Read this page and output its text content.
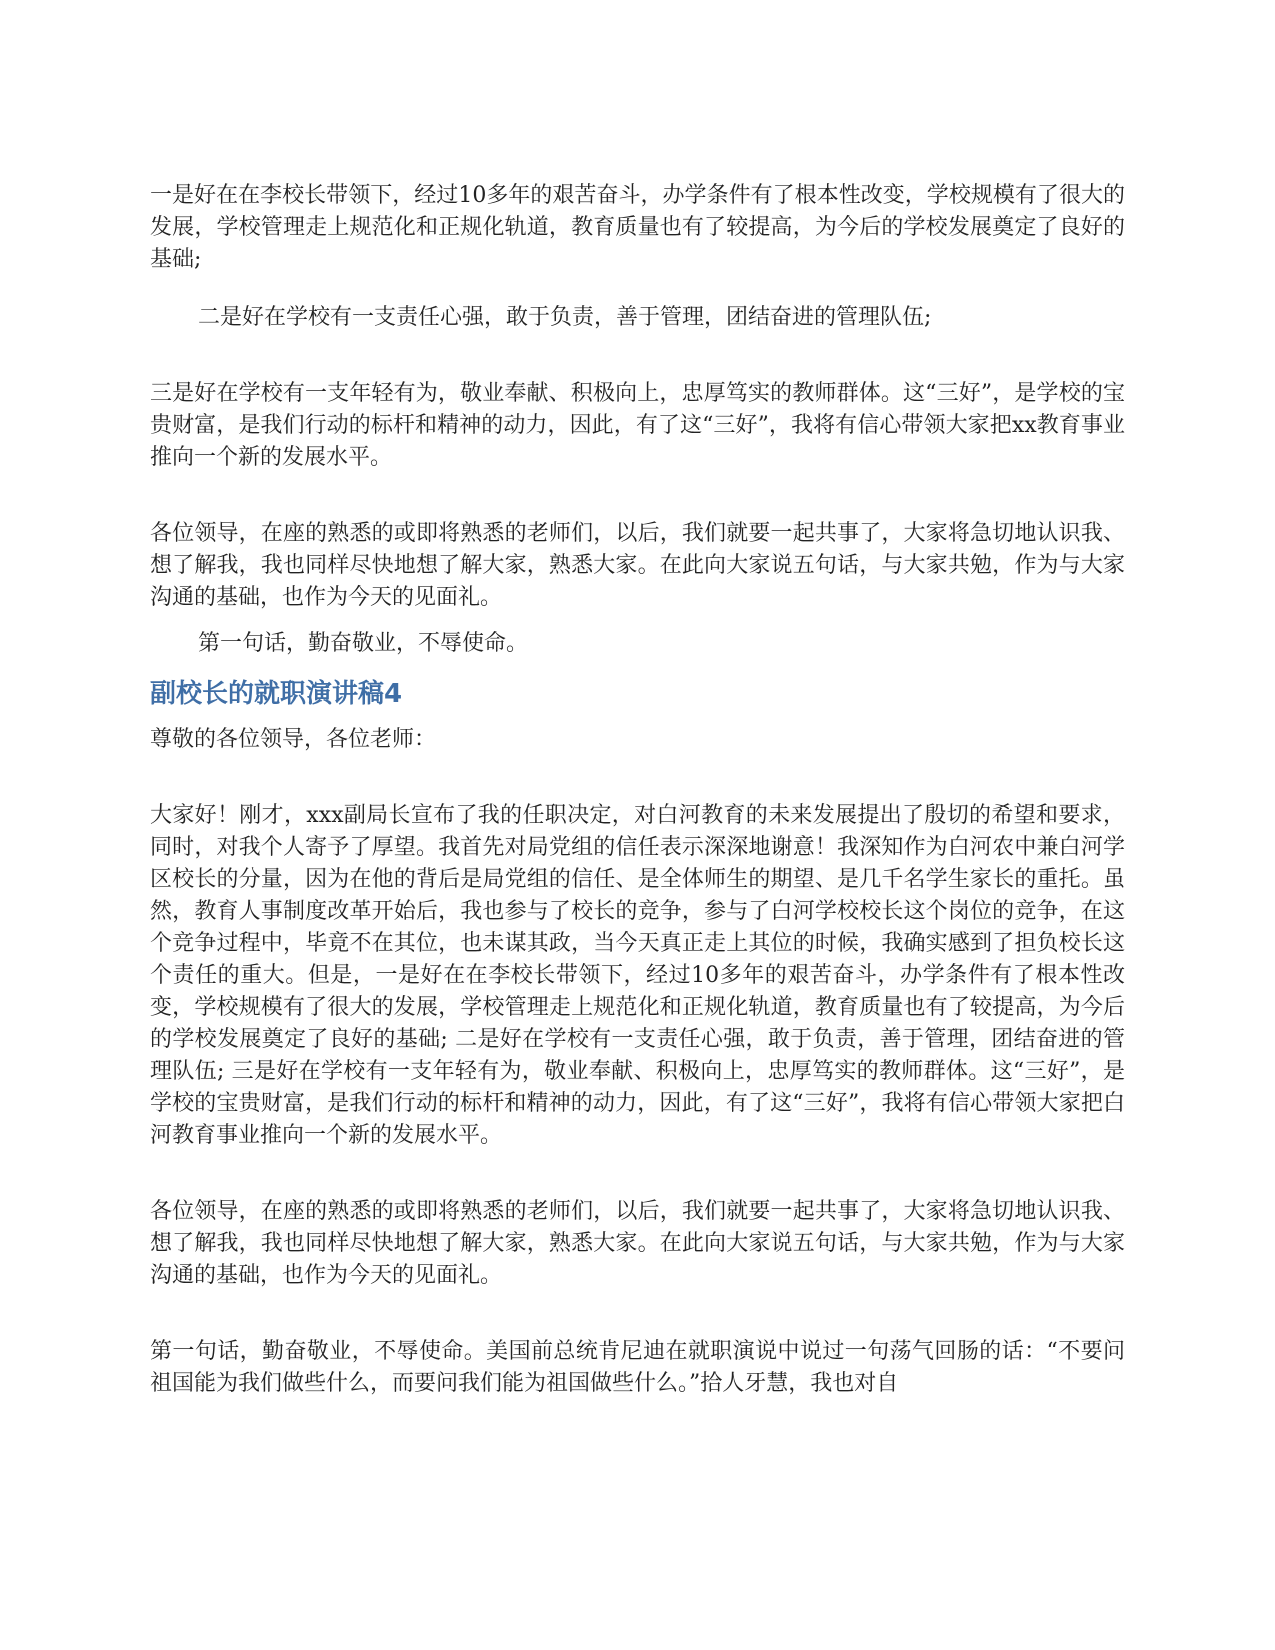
一是好在在李校长带领下，经过10多年的艰苦奋斗，办学条件有了根本性改变，学校规模有了很大的发展，学校管理走上规范化和正规化轨道，教育质量也有了较提高，为今后的学校发展奠定了良好的基础;

二是好在学校有一支责任心强，敢于负责，善于管理，团结奋进的管理队伍;

三是好在学校有一支年轻有为，敬业奉献、积极向上，忠厚笃实的教师群体。这“三好”，是学校的宝贵财富，是我们行动的标杆和精神的动力，因此，有了这“三好”，我将有信心带领大家把xx教育事业推向一个新的发展水平。

各位领导，在座的熟悉的或即将熟悉的老师们，以后，我们就要一起共事了，大家将急切地认识我、想了解我，我也同样尽快地想了解大家，熟悉大家。在此向大家说五句话，与大家共勉，作为与大家沟通的基础，也作为今天的见面礼。

第一句话，勤奋敬业，不辱使命。

副校长的就职演讲稿4

尊敬的各位领导，各位老师：

大家好！刚才，xxx副局长宣布了我的任职决定，对白河教育的未来发展提出了殷切的希望和要求，同时，对我个人寄予了厚望。我首先对局党组的信任表示深深地谢意！我深知作为白河农中兼白河学区校长的分量，因为在他的背后是局党组的信任、是全体师生的期望、是几千名学生家长的重托。虽然，教育人事制度改革开始后，我也参与了校长的竞争，参与了白河学校校长这个岗位的竞争，在这个竞争过程中，毕竟不在其位，也未谋其政，当今天真正走上其位的时候，我确实感到了担负校长这个责任的重大。但是，一是好在在李校长带领下，经过10多年的艰苦奋斗，办学条件有了根本性改变，学校规模有了很大的发展，学校管理走上规范化和正规化轨道，教育质量也有了较提高，为今后的学校发展奠定了良好的基础; 二是好在学校有一支责任心强，敢于负责，善于管理，团结奋进的管理队伍; 三是好在学校有一支年轻有为，敬业奉献、积极向上，忠厚笃实的教师群体。这“三好”，是学校的宝贵财富，是我们行动的标杆和精神的动力，因此，有了这“三好”，我将有信心带领大家把白河教育事业推向一个新的发展水平。

各位领导，在座的熟悉的或即将熟悉的老师们，以后，我们就要一起共事了，大家将急切地认识我、想了解我，我也同样尽快地想了解大家，熟悉大家。在此向大家说五句话，与大家共勉，作为与大家沟通的基础，也作为今天的见面礼。

第一句话，勤奋敬业，不辱使命。美国前总统肯尼迪在就职演说中说过一句荡气回肠的话：“不要问祖国能为我们做些什么，而要问我们能为祖国做些什么。”拾人牙慧，我也对自
